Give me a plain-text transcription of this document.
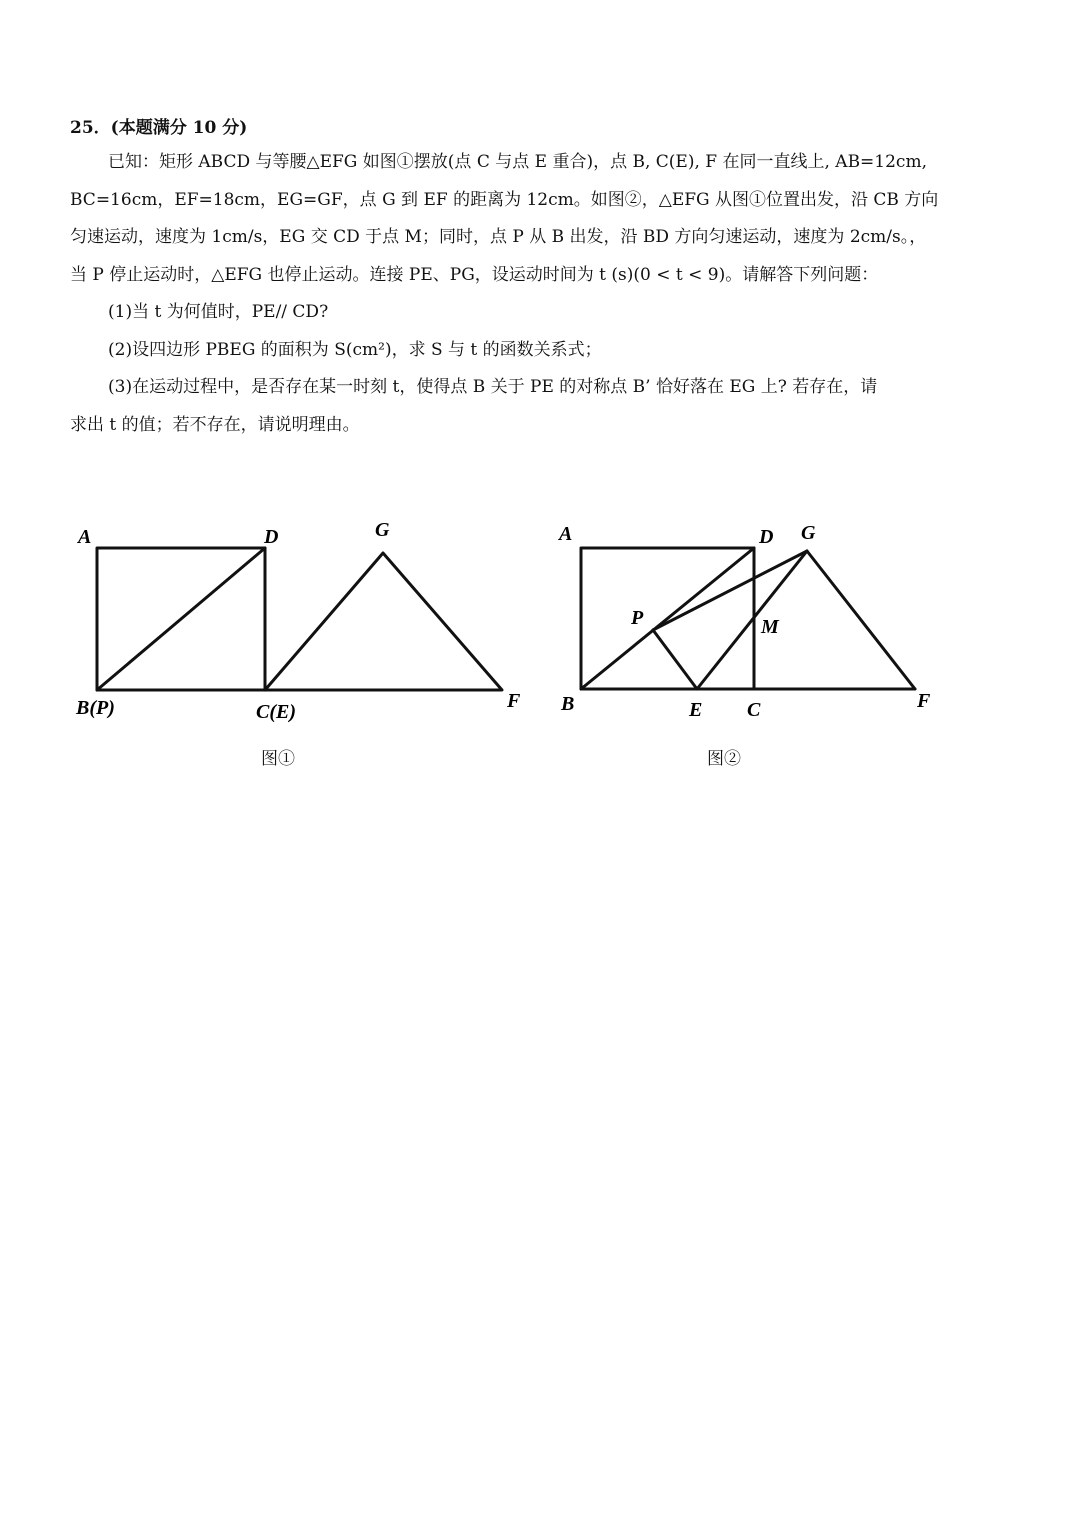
25．(本题满分 10 分)
已知：矩形 ABCD 与等腰△EFG 如图①摆放(点 C 与点 E 重合)，点 B, C(E), F 在同一直线上, AB=12cm,
BC=16cm，EF=18cm，EG=GF，点 G 到 EF 的距离为 12cm。如图②，△EFG 从图①位置出发，沿 CB 方向
匀速运动，速度为 1cm/s，EG 交 CD 于点 M；同时，点 P 从 B 出发，沿 BD 方向匀速运动，速度为 2cm/s。，
当 P 停止运动时，△EFG 也停止运动。连接 PE、PG，设运动时间为 t (s)(0 < t < 9)。请解答下列问题：
(1)当 t 为何值时，PE// CD?
(2)设四边形 PBEG 的面积为 S(cm²)，求 S 与 t 的函数关系式；
(3)在运动过程中，是否存在某一时刻 t，使得点 B 关于 PE 的对称点 B’ 恰好落在 EG 上? 若存在，请
求出 t 的值；若不存在，请说明理由。
A	D	G
B(P)	C(E)	F
图①
A	D G
P	M
B	E C	F
图②
